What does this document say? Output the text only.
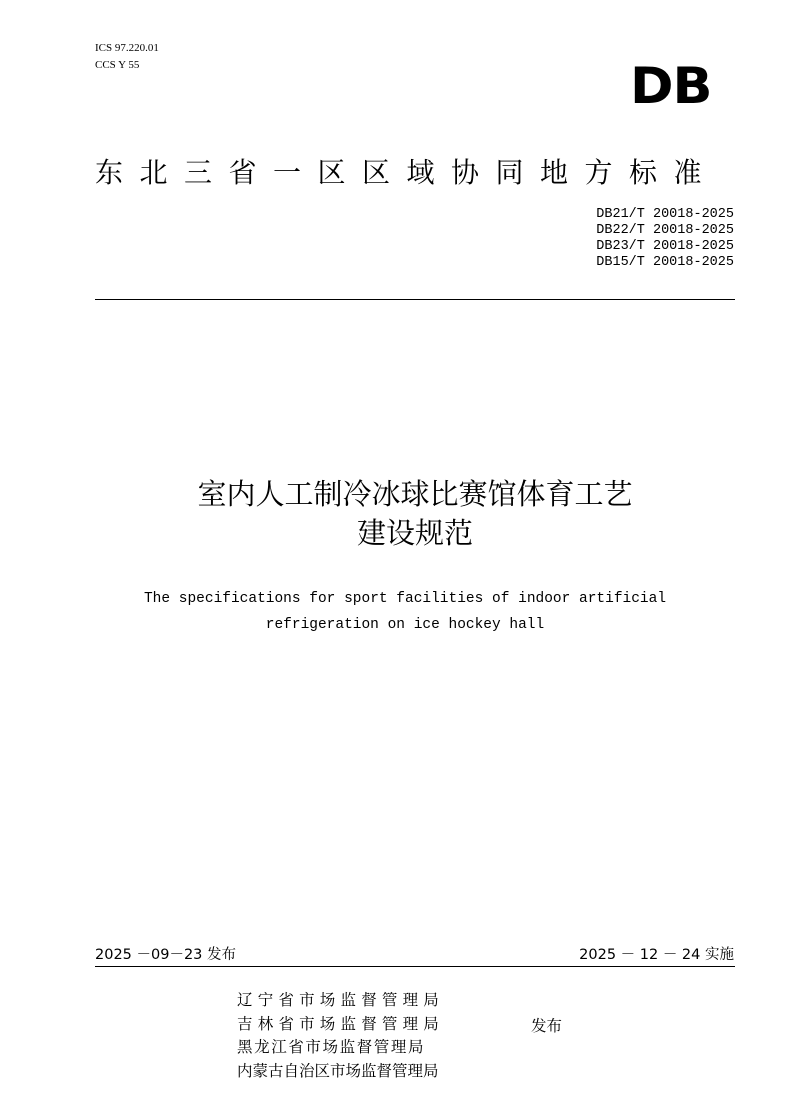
ICS 97.220.01
CCS Y 55	DB
东北三省一区区域协同地方标准
DB21/T 20018-2025
DB22/T 20018-2025
DB23/T 20018-2025
DB15/T 20018-2025
室内人工制冷冰球比赛馆体育工艺
建设规范
The specifications for sport facilities of indoor artificial
refrigeration on ice hockey hall
2025 －09－23 发布	2025 － 12 － 24 实施
辽宁省市场监督管理局
吉林省市场监督管理局
黑龙江省市场监督管理局
内蒙古自治区市场监督管理局
发布
